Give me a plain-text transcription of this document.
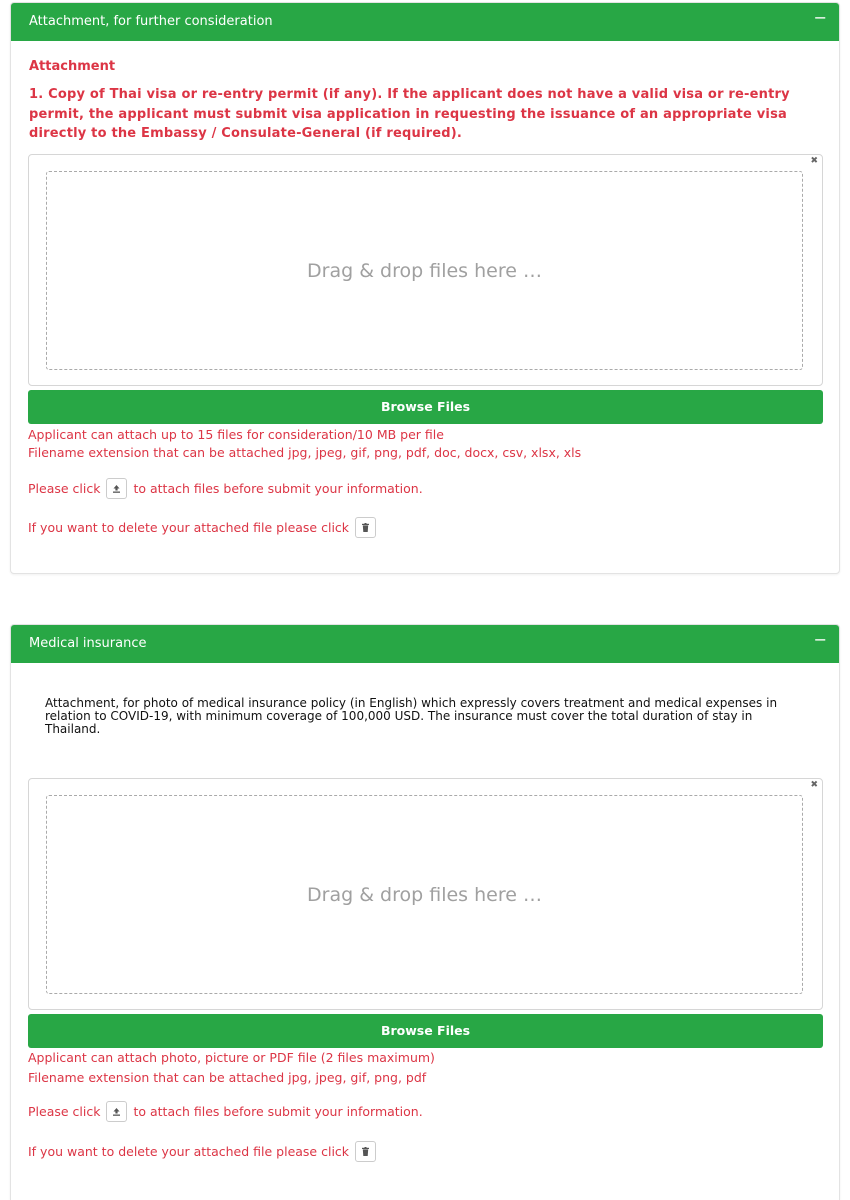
Attachment, for further consideration	−
Attachment
1. Copy of Thai visa or re-entry permit (if any). If the applicant does not have a valid visa or re-entry permit, the applicant must submit visa application in requesting the issuance of an appropriate visa directly to the Embassy / Consulate-General (if required).
✖
Drag & drop files here …
Browse Files
Applicant can attach up to 15 files for consideration/10 MB per file
Filename extension that can be attached jpg, jpeg, gif, png, pdf, doc, docx, csv, xlsx, xls
Please click	to attach files before submit your information.
If you want to delete your attached file please click
Medical insurance	−
Attachment, for photo of medical insurance policy (in English) which expressly covers treatment and medical expenses in relation to COVID-19, with minimum coverage of 100,000 USD. The insurance must cover the total duration of stay in Thailand.
✖
Drag & drop files here …
Browse Files
Applicant can attach photo, picture or PDF file (2 files maximum)
Filename extension that can be attached jpg, jpeg, gif, png, pdf
Please click	to attach files before submit your information.
If you want to delete your attached file please click
